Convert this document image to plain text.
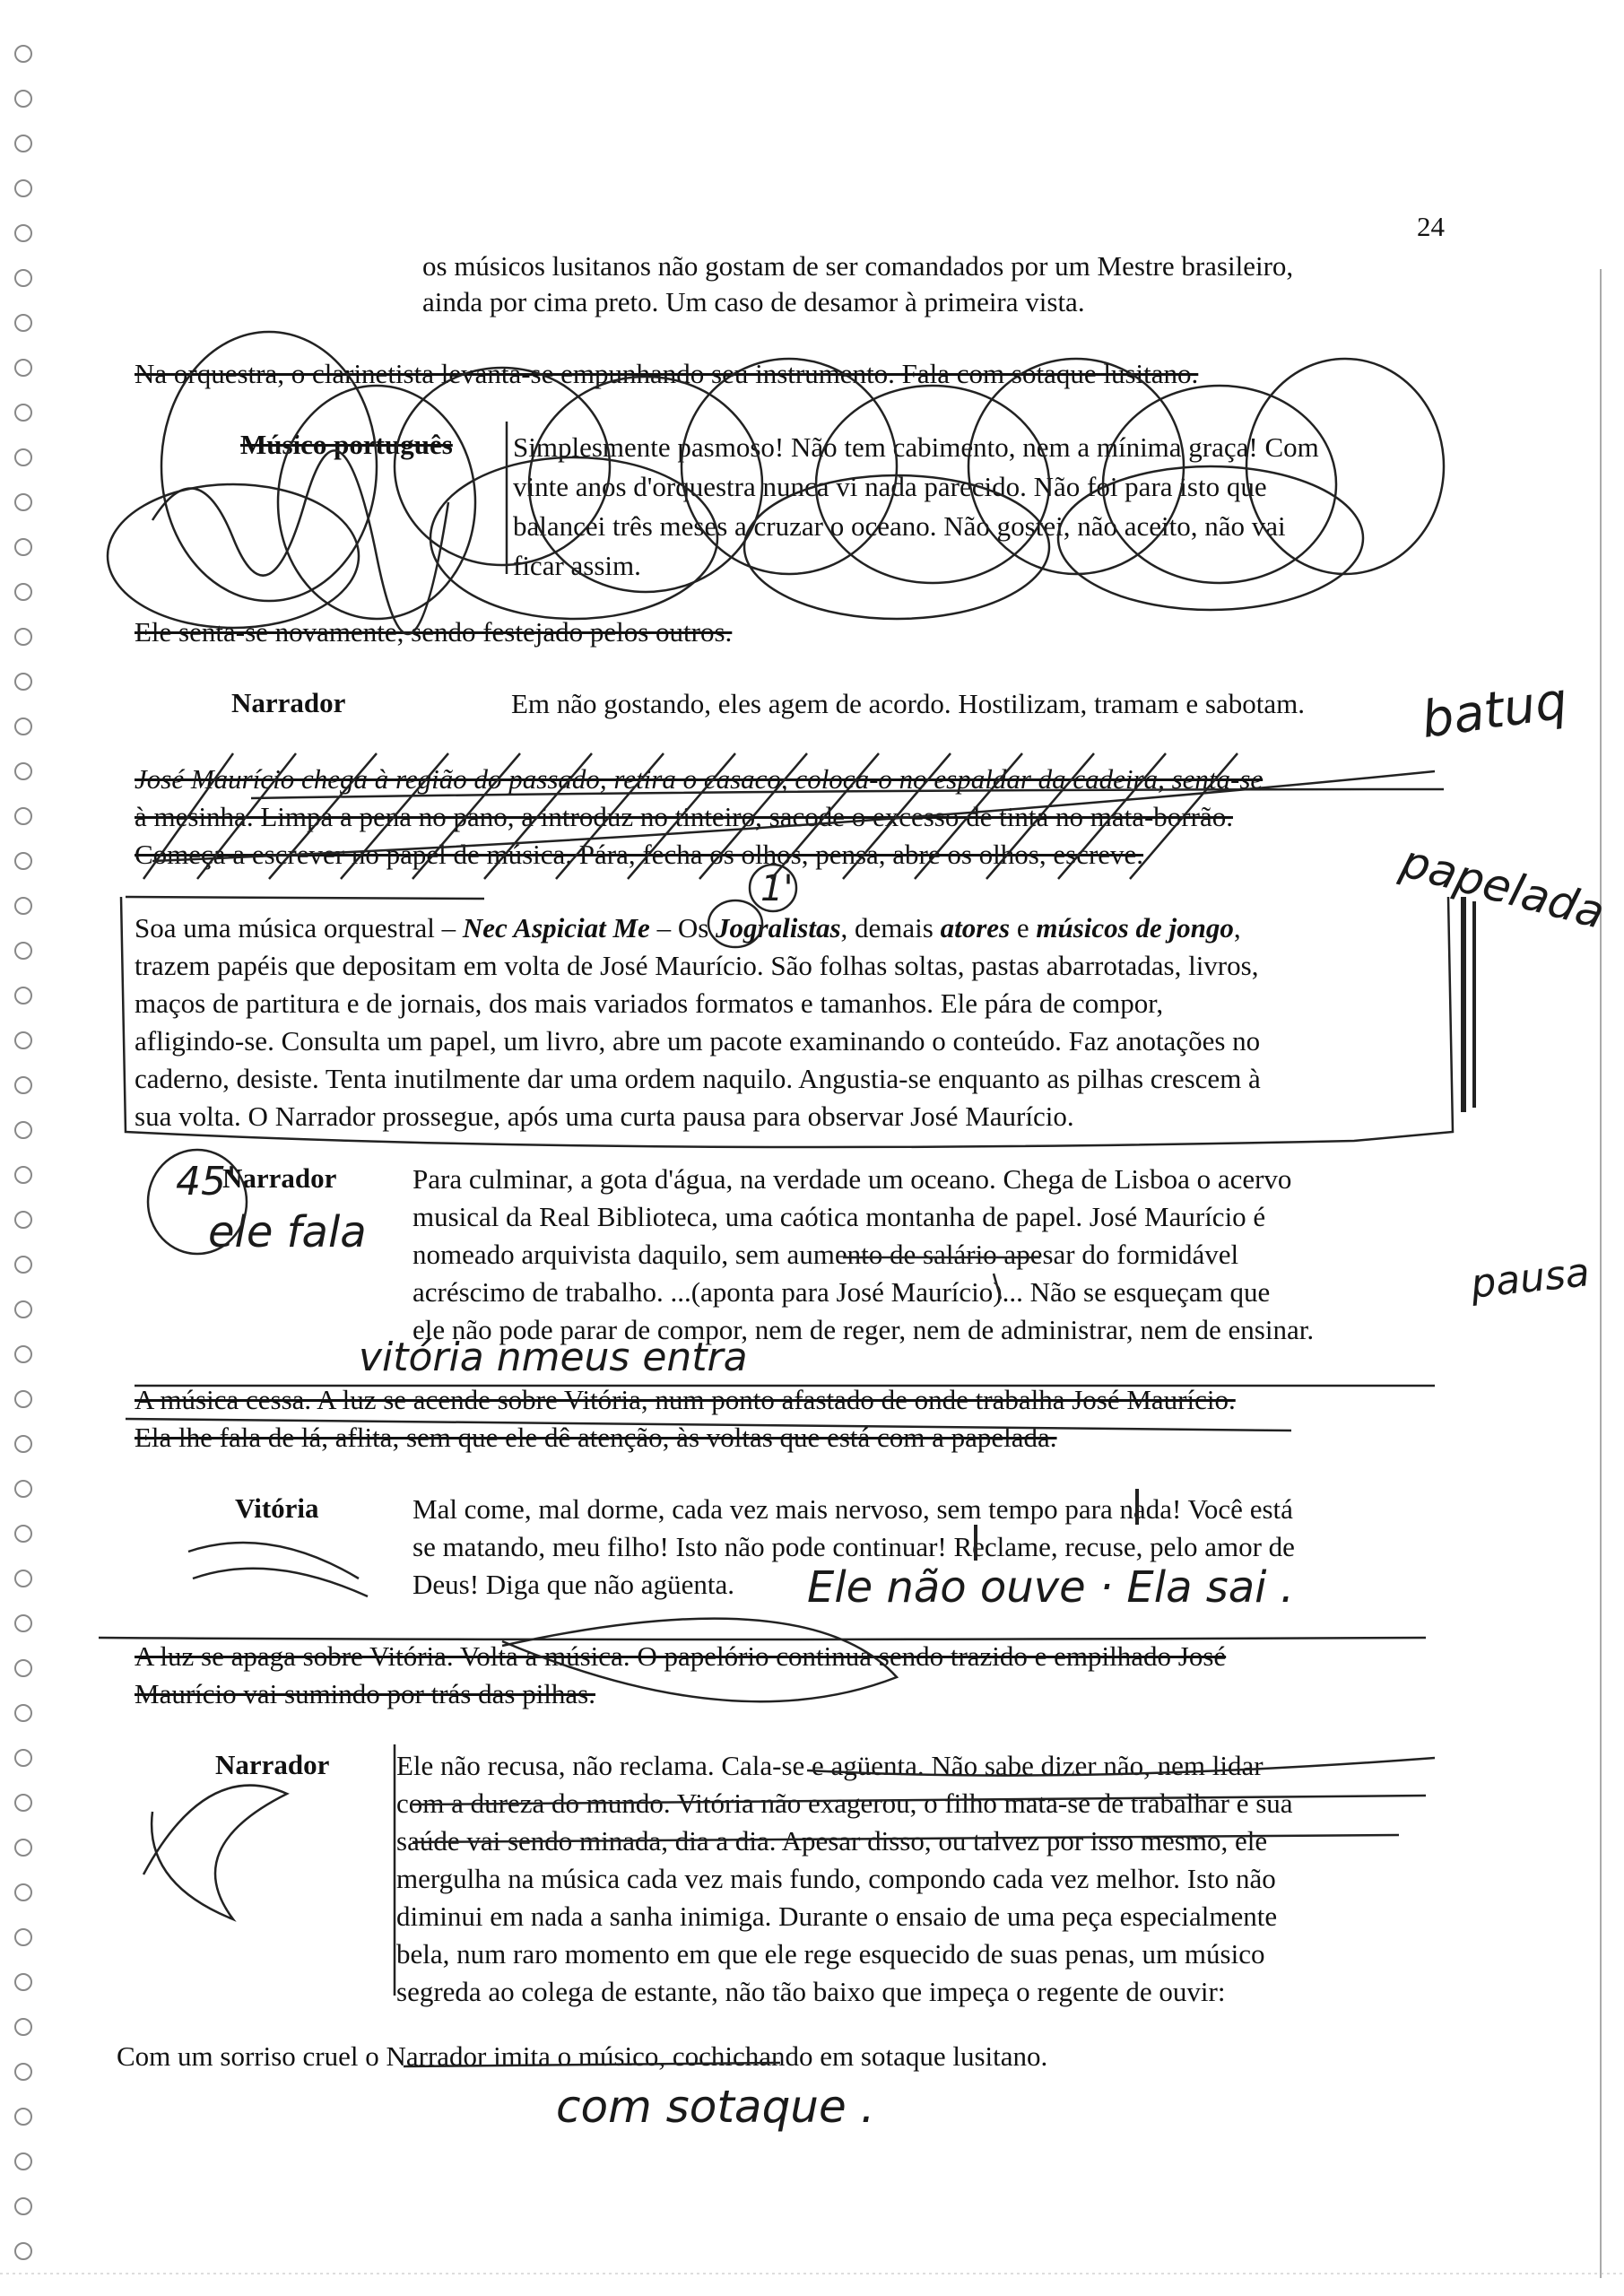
24
os músicos lusitanos não gostam de ser comandados por um Mestre brasileiro,
ainda por cima preto. Um caso de desamor à primeira vista.
Na orquestra, o clarinetista levanta-se empunhando seu instrumento. Fala com sotaque lusitano.
Músico português Simplesmente pasmoso! Não tem cabimento, nem a mínima graça! Com
vinte anos d'orquestra nunca vi nada parecido. Não foi para isto que
balancei três meses a cruzar o oceano. Não gostei, não aceito, não vai
ficar assim.
Ele senta-se novamente, sendo festejado pelos outros.
Narrador	Em não gostando, eles agem de acordo. Hostilizam, tramam e sabotam.
José Maurício chega à região do passado, retira o casaco, coloca-o no espaldar da cadeira, senta-se
à mesinha. Limpa a pena no pano, a introduz no tinteiro, sacode o excesso de tinta no mata-borrão.
Começa a escrever no papel de música. Pára, fecha os olhos, pensa, abre os olhos, escreve.
Soa uma música orquestral – Nec Aspiciat Me – Os Jogralistas, demais atores e músicos de jongo,
trazem papéis que depositam em volta de José Maurício. São folhas soltas, pastas abarrotadas, livros,
maços de partitura e de jornais, dos mais variados formatos e tamanhos. Ele pára de compor,
afligindo-se. Consulta um papel, um livro, abre um pacote examinando o conteúdo. Faz anotações no
caderno, desiste. Tenta inutilmente dar uma ordem naquilo. Angustia-se enquanto as pilhas crescem à
sua volta. O Narrador prossegue, após uma curta pausa para observar José Maurício.
Narrador	Para culminar, a gota d'água, na verdade um oceano. Chega de Lisboa o acervo
musical da Real Biblioteca, uma caótica montanha de papel. José Maurício é
nomeado arquivista daquilo, sem aumento de salário apesar do formidável
acréscimo de trabalho. ...(aponta para José Maurício)... Não se esqueçam que
ele não pode parar de compor, nem de reger, nem de administrar, nem de ensinar.
A música cessa. A luz se acende sobre Vitória, num ponto afastado de onde trabalha José Maurício.
Ela lhe fala de lá, aflita, sem que ele dê atenção, às voltas que está com a papelada.
Vitória	Mal come, mal dorme, cada vez mais nervoso, sem tempo para nada! Você está
se matando, meu filho! Isto não pode continuar! Reclame, recuse, pelo amor de
Deus! Diga que não agüenta.
A luz se apaga sobre Vitória. Volta a música. O papelório continua sendo trazido e empilhado José
Maurício vai sumindo por trás das pilhas.
Narrador Ele não recusa, não reclama. Cala-se e agüenta. Não sabe dizer não, nem lidar
com a dureza do mundo. Vitória não exagerou, o filho mata-se de trabalhar e sua
saúde vai sendo minada, dia a dia. Apesar disso, ou talvez por isso mesmo, ele
mergulha na música cada vez mais fundo, compondo cada vez melhor. Isto não
diminui em nada a sanha inimiga. Durante o ensaio de uma peça especialmente
bela, num raro momento em que ele rege esquecido de suas penas, um músico
segreda ao colega de estante, não tão baixo que impeça o regente de ouvir:
Com um sorriso cruel o Narrador imita o músico, cochichando em sotaque lusitano.
batuq
papelada
1'
45'
ele fala
pausa
vitória nmeus entra
Ele não ouve · Ela sai .
com sotaque .
